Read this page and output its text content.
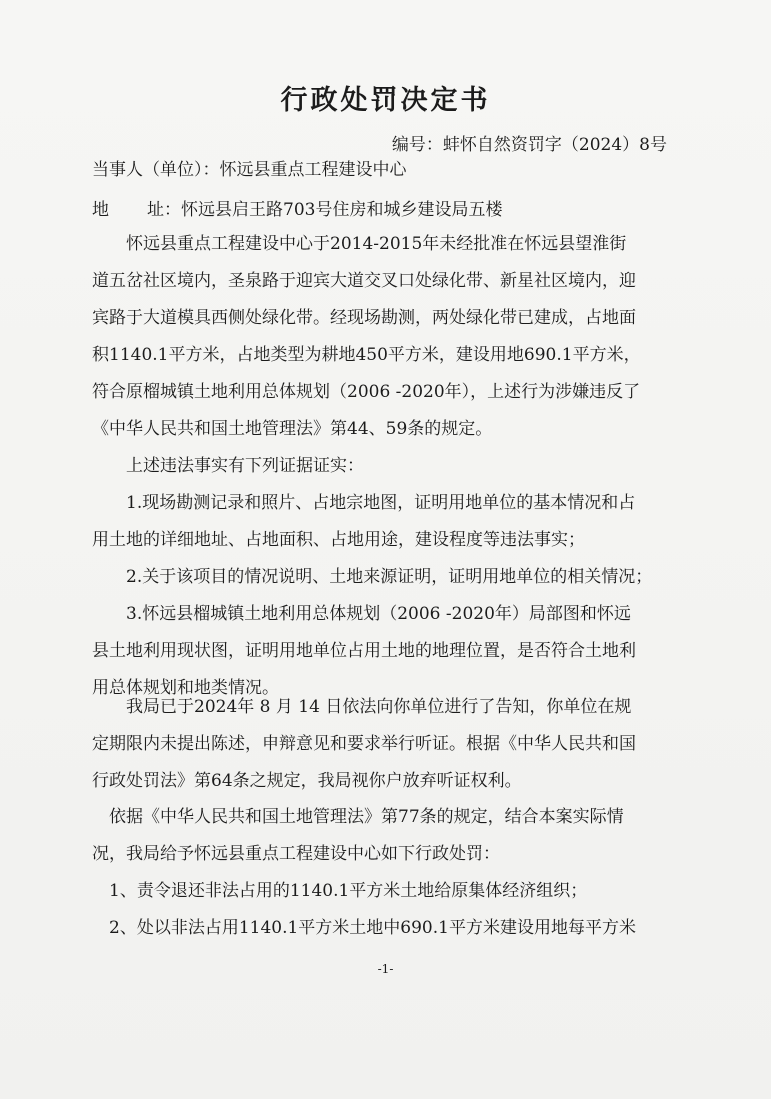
行政处罚决定书
编号：蚌怀自然资罚字（2024）8号
当事人（单位）：怀远县重点工程建设中心
地 址：怀远县启王路703号住房和城乡建设局五楼
　　怀远县重点工程建设中心于2014-2015年未经批准在怀远县望淮街
道五岔社区境内，圣泉路于迎宾大道交叉口处绿化带、新星社区境内，迎
宾路于大道模具西侧处绿化带。经现场勘测，两处绿化带已建成，占地面
积1140.1平方米，占地类型为耕地450平方米，建设用地690.1平方米，
符合原榴城镇土地利用总体规划（2006 -2020年），上述行为涉嫌违反了
《中华人民共和国土地管理法》第44、59条的规定。
　　上述违法事实有下列证据证实：
　　1.现场勘测记录和照片、占地宗地图，证明用地单位的基本情况和占
用土地的详细地址、占地面积、占地用途，建设程度等违法事实；
　　2.关于该项目的情况说明、土地来源证明，证明用地单位的相关情况；
　　3.怀远县榴城镇土地利用总体规划（2006 -2020年）局部图和怀远
县土地利用现状图，证明用地单位占用土地的地理位置，是否符合土地利
用总体规划和地类情况。
　　我局已于2024年 8 月 14 日依法向你单位进行了告知，你单位在规
定期限内未提出陈述，申辩意见和要求举行听证。根据《中华人民共和国
行政处罚法》第64条之规定，我局视你户放弃听证权利。
　依据《中华人民共和国土地管理法》第77条的规定，结合本案实际情
况，我局给予怀远县重点工程建设中心如下行政处罚：
　1、责令退还非法占用的1140.1平方米土地给原集体经济组织；
　2、处以非法占用1140.1平方米土地中690.1平方米建设用地每平方米
-1-
